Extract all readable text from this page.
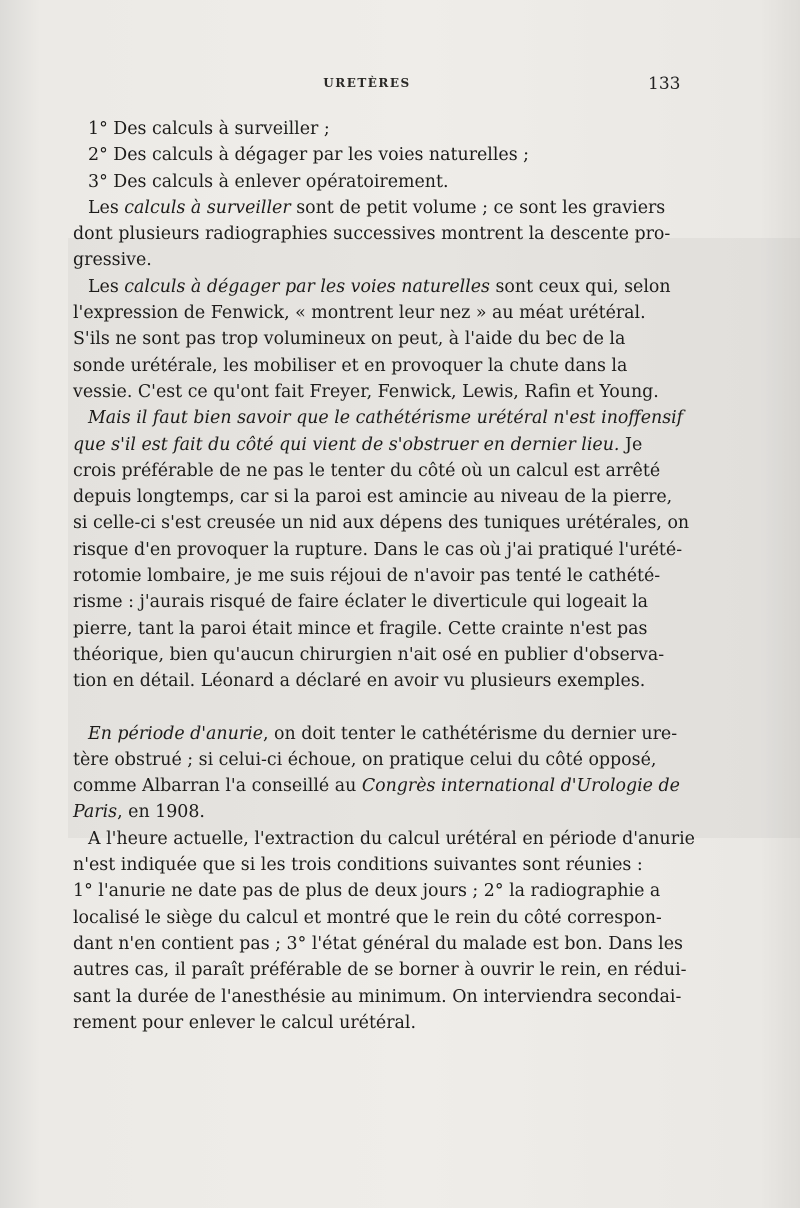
URETÈRES	133
1° Des calculs à surveiller ;
2° Des calculs à dégager par les voies naturelles ;
3° Des calculs à enlever opératoirement.
Les calculs à surveiller sont de petit volume ; ce sont les graviers
dont plusieurs radiographies successives montrent la descente pro-
gressive.
Les calculs à dégager par les voies naturelles sont ceux qui, selon
l'expression de Fenwick, « montrent leur nez » au méat urétéral.
S'ils ne sont pas trop volumineux on peut, à l'aide du bec de la
sonde urétérale, les mobiliser et en provoquer la chute dans la
vessie. C'est ce qu'ont fait Freyer, Fenwick, Lewis, Rafin et Young.
Mais il faut bien savoir que le cathétérisme urétéral n'est inoffensif
que s'il est fait du côté qui vient de s'obstruer en dernier lieu. Je
crois préférable de ne pas le tenter du côté où un calcul est arrêté
depuis longtemps, car si la paroi est amincie au niveau de la pierre,
si celle-ci s'est creusée un nid aux dépens des tuniques urétérales, on
risque d'en provoquer la rupture. Dans le cas où j'ai pratiqué l'urété-
rotomie lombaire, je me suis réjoui de n'avoir pas tenté le cathété-
risme : j'aurais risqué de faire éclater le diverticule qui logeait la
pierre, tant la paroi était mince et fragile. Cette crainte n'est pas
théorique, bien qu'aucun chirurgien n'ait osé en publier d'observa-
tion en détail. Léonard a déclaré en avoir vu plusieurs exemples.
En période d'anurie, on doit tenter le cathétérisme du dernier ure-
tère obstrué ; si celui-ci échoue, on pratique celui du côté opposé,
comme Albarran l'a conseillé au Congrès international d'Urologie de
Paris, en 1908.
A l'heure actuelle, l'extraction du calcul urétéral en période d'anurie
n'est indiquée que si les trois conditions suivantes sont réunies :
1° l'anurie ne date pas de plus de deux jours ; 2° la radiographie a
localisé le siège du calcul et montré que le rein du côté correspon-
dant n'en contient pas ; 3° l'état général du malade est bon. Dans les
autres cas, il paraît préférable de se borner à ouvrir le rein, en rédui-
sant la durée de l'anesthésie au minimum. On interviendra secondai-
rement pour enlever le calcul urétéral.
